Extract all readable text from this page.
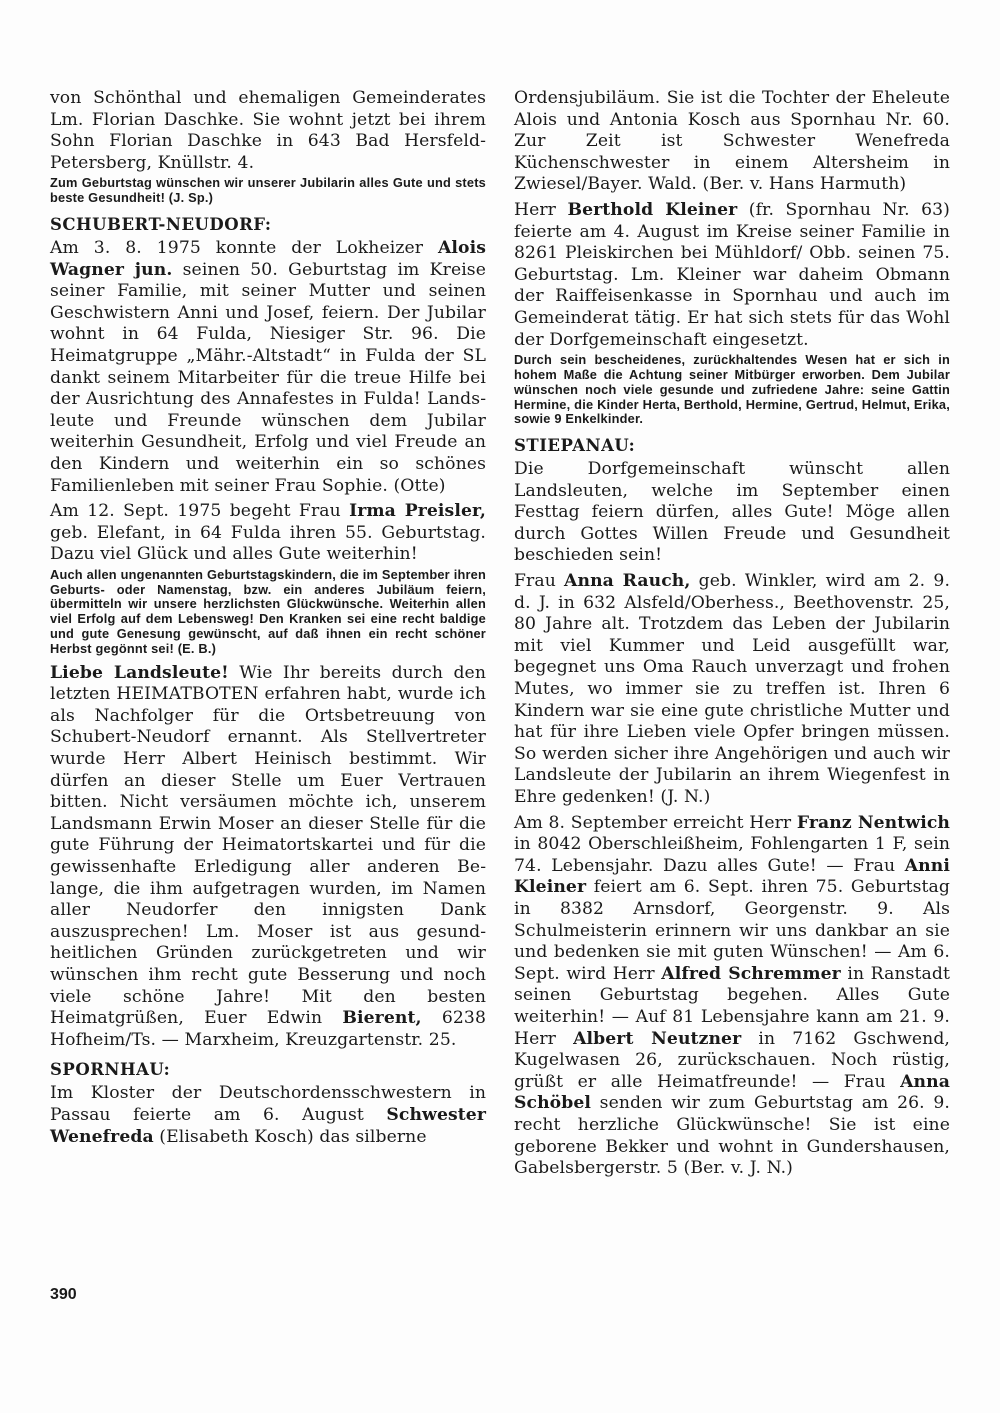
von Schönthal und ehemaligen Gemeinderates Lm. Florian Daschke. Sie wohnt jetzt bei ihrem Sohn Florian Daschke in 643 Bad Hersfeld-Petersberg, Knüllstr. 4.

Zum Geburtstag wünschen wir unserer Jubilarin alles Gute und stets beste Gesundheit! (J. Sp.)

SCHUBERT-NEUDORF:

Am 3. 8. 1975 konnte der Lokheizer Alois Wagner jun. seinen 50. Geburtstag im Kreise seiner Familie, mit seiner Mutter und seinen Geschwistern Anni und Josef, feiern. Der Jubilar wohnt in 64 Fulda, Niesiger Str. 96. Die Heimatgruppe „Mähr.-Altstadt“ in Fulda der SL dankt seinem Mitarbeiter für die treue Hilfe bei der Ausrichtung des Annafestes in Fulda! Landsleute und Freunde wünschen dem Jubilar weiterhin Gesundheit, Erfolg und viel Freude an den Kindern und weiterhin ein so schönes Familienleben mit seiner Frau Sophie. (Otte)

Am 12. Sept. 1975 begeht Frau Irma Preisler, geb. Elefant, in 64 Fulda ihren 55. Geburtstag. Dazu viel Glück und alles Gute weiterhin!

Auch allen ungenannten Geburtstagskindern, die im September ihren Geburts- oder Namenstag, bzw. ein anderes Jubiläum feiern, übermitteln wir unsere herzlichsten Glückwünsche. Weiterhin allen viel Erfolg auf dem Lebensweg! Den Kranken sei eine recht baldige und gute Genesung gewünscht, auf daß ihnen ein recht schöner Herbst gegönnt sei! (E. B.)

Liebe Landsleute! Wie Ihr bereits durch den letzten HEIMATBOTEN erfahren habt, wurde ich als Nachfolger für die Ortsbetreuung von Schubert-Neudorf ernannt. Als Stellvertreter wurde Herr Albert Heinisch bestimmt. Wir dürfen an dieser Stelle um Euer Vertrauen bitten. Nicht versäumen möchte ich, unserem Landsmann Erwin Moser an dieser Stelle für die gute Führung der Heimatortskartei und für die gewissenhafte Erledigung aller anderen Belange, die ihm aufgetragen wurden, im Namen aller Neudorfer den innigsten Dank auszusprechen! Lm. Moser ist aus gesundheitlichen Gründen zurückgetreten und wir wünschen ihm recht gute Besserung und noch viele schöne Jahre! Mit den besten Heimatgrüßen, Euer Edwin Bierent, 6238 Hofheim/Ts. — Marxheim, Kreuzgartenstr. 25.

SPORNHAU:

Im Kloster der Deutschordensschwestern in Passau feierte am 6. August Schwester Wenefreda (Elisabeth Kosch) das silberne

Ordensjubiläum. Sie ist die Tochter der Eheleute Alois und Antonia Kosch aus Spornhau Nr. 60. Zur Zeit ist Schwester Wenefreda Küchenschwester in einem Altersheim in Zwiesel/Bayer. Wald. (Ber. v. Hans Harmuth)

Herr Berthold Kleiner (fr. Spornhau Nr. 63) feierte am 4. August im Kreise seiner Familie in 8261 Pleiskirchen bei Mühldorf/ Obb. seinen 75. Geburtstag. Lm. Kleiner war daheim Obmann der Raiffeisenkasse in Spornhau und auch im Gemeinderat tätig. Er hat sich stets für das Wohl der Dorfgemeinschaft eingesetzt.

Durch sein bescheidenes, zurückhaltendes Wesen hat er sich in hohem Maße die Achtung seiner Mitbürger erworben. Dem Jubilar wünschen noch viele gesunde und zufriedene Jahre: seine Gattin Hermine, die Kinder Herta, Berthold, Hermine, Gertrud, Helmut, Erika, sowie 9 Enkelkinder.

STIEPANAU:

Die Dorfgemeinschaft wünscht allen Landsleuten, welche im September einen Festtag feiern dürfen, alles Gute! Möge allen durch Gottes Willen Freude und Gesundheit beschieden sein!

Frau Anna Rauch, geb. Winkler, wird am 2. 9. d. J. in 632 Alsfeld/Oberhess., Beethovenstr. 25, 80 Jahre alt. Trotzdem das Leben der Jubilarin mit viel Kummer und Leid ausgefüllt war, begegnet uns Oma Rauch unverzagt und frohen Mutes, wo immer sie zu treffen ist. Ihren 6 Kindern war sie eine gute christliche Mutter und hat für ihre Lieben viele Opfer bringen müssen. So werden sicher ihre Angehörigen und auch wir Landsleute der Jubilarin an ihrem Wiegenfest in Ehre gedenken! (J. N.)

Am 8. September erreicht Herr Franz Nentwich in 8042 Oberschleißheim, Fohlengarten 1 F, sein 74. Lebensjahr. Dazu alles Gute! — Frau Anni Kleiner feiert am 6. Sept. ihren 75. Geburtstag in 8382 Arnsdorf, Georgenstr. 9. Als Schulmeisterin erinnern wir uns dankbar an sie und bedenken sie mit guten Wünschen! — Am 6. Sept. wird Herr Alfred Schremmer in Ranstadt seinen Geburtstag begehen. Alles Gute weiterhin! — Auf 81 Lebensjahre kann am 21. 9. Herr Albert Neutzner in 7162 Gschwend, Kugelwasen 26, zurückschauen. Noch rüstig, grüßt er alle Heimatfreunde! — Frau Anna Schöbel senden wir zum Geburtstag am 26. 9. recht herzliche Glückwünsche! Sie ist eine geborene Bekker und wohnt in Gundershausen, Gabelsbergerstr. 5 (Ber. v. J. N.)

390
